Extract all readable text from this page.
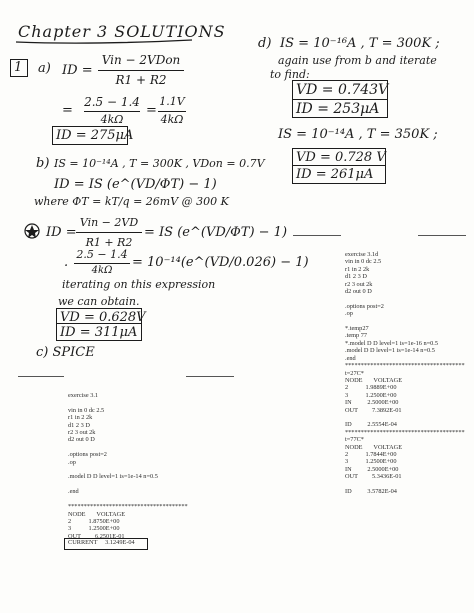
Chapter 3 SOLUTIONS
1 a) ID =
Vin − 2VDon
R1 + R2
=
2.5 − 1.4
4kΩ
=
1.1V
4kΩ
ID = 275μA
b) IS = 10⁻¹⁴A , T = 300K , VDon = 0.7V
ID = IS (e^(VD/ΦT) − 1)
where ΦT = kT/q = 26mV @ 300 K
ID =
Vin − 2VD
R1 + R2
= IS (e^(VD/ΦT) − 1)
.
2.5 − 1.4
4kΩ
= 10⁻¹⁴(e^(VD/0.026) − 1)
iterating on this expression
we can obtain.
VD = 0.628V
ID = 311μA
c) SPICE
d) IS = 10⁻¹⁶A , T = 300K ;
again use from b and iterate
to find:
VD = 0.743V
ID = 253μA
IS = 10⁻¹⁴A , T = 350K ;
VD = 0.728 V
ID = 261μA
exercise 3.1

vin in 0 dc 2.5
r1 in 2 2k
d1 2 3 D
r2 3 out 2k
d2 out 0 D

.options post=2
.op

.model D D level=1 is=1e-14 n=0.5

.end

**************************************
NODE       VOLTAGE
2           1.8750E+00
3           1.2500E+00
OUT         6.2501E-01
CURRENT     3.1249E-04
exercise 3.1d
vin in 0 dc 2.5
r1 in 2 2k
d1 2 3 D
r2 3 out 2k
d2 out 0 D

.options post=2
.op

*.temp27
.temp 77
*.model D D level=1 is=1e-16 n=0.5
.model D D level=1 is=1e-14 n=0.5
.end
**************************************
t=27C*
NODE       VOLTAGE
2           1.9889E+00
3           1.2500E+00
IN          2.5000E+00
OUT         7.3892E-01

ID          2.5554E-04
**************************************
t=77C*
NODE       VOLTAGE
2           1.7844E+00
3           1.2500E+00
IN          2.5000E+00
OUT         5.3436E-01

ID          3.5782E-04
